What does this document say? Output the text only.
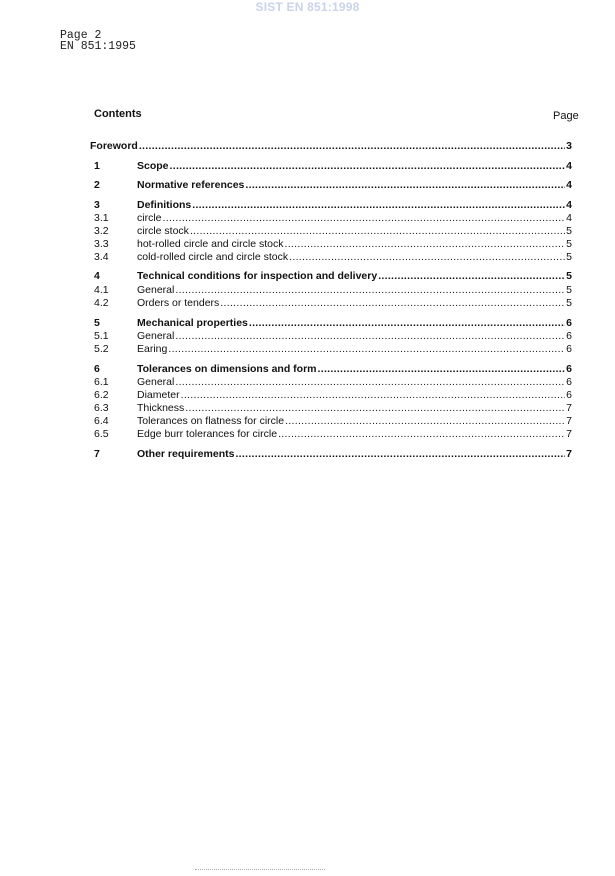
SIST EN 851:1998
Page 2
EN 851:1995
Contents	Page
Foreword .....	3
1	Scope .....	4
2	Normative references .....	4
3	Definitions .....	4
3.1	circle .....	4
3.2	circle stock .....	5
3.3	hot-rolled circle and circle stock .....	5
3.4	cold-rolled circle and circle stock .....	5
4	Technical conditions for inspection and delivery .....	5
4.1	General .....	5
4.2	Orders or tenders .....	5
5	Mechanical properties .....	6
5.1	General .....	6
5.2	Earing .....	6
6	Tolerances on dimensions and form .....	6
6.1	General .....	6
6.2	Diameter .....	6
6.3	Thickness .....	7
6.4	Tolerances on flatness for circle .....	7
6.5	Edge burr tolerances for circle .....	7
7	Other requirements .....	7
